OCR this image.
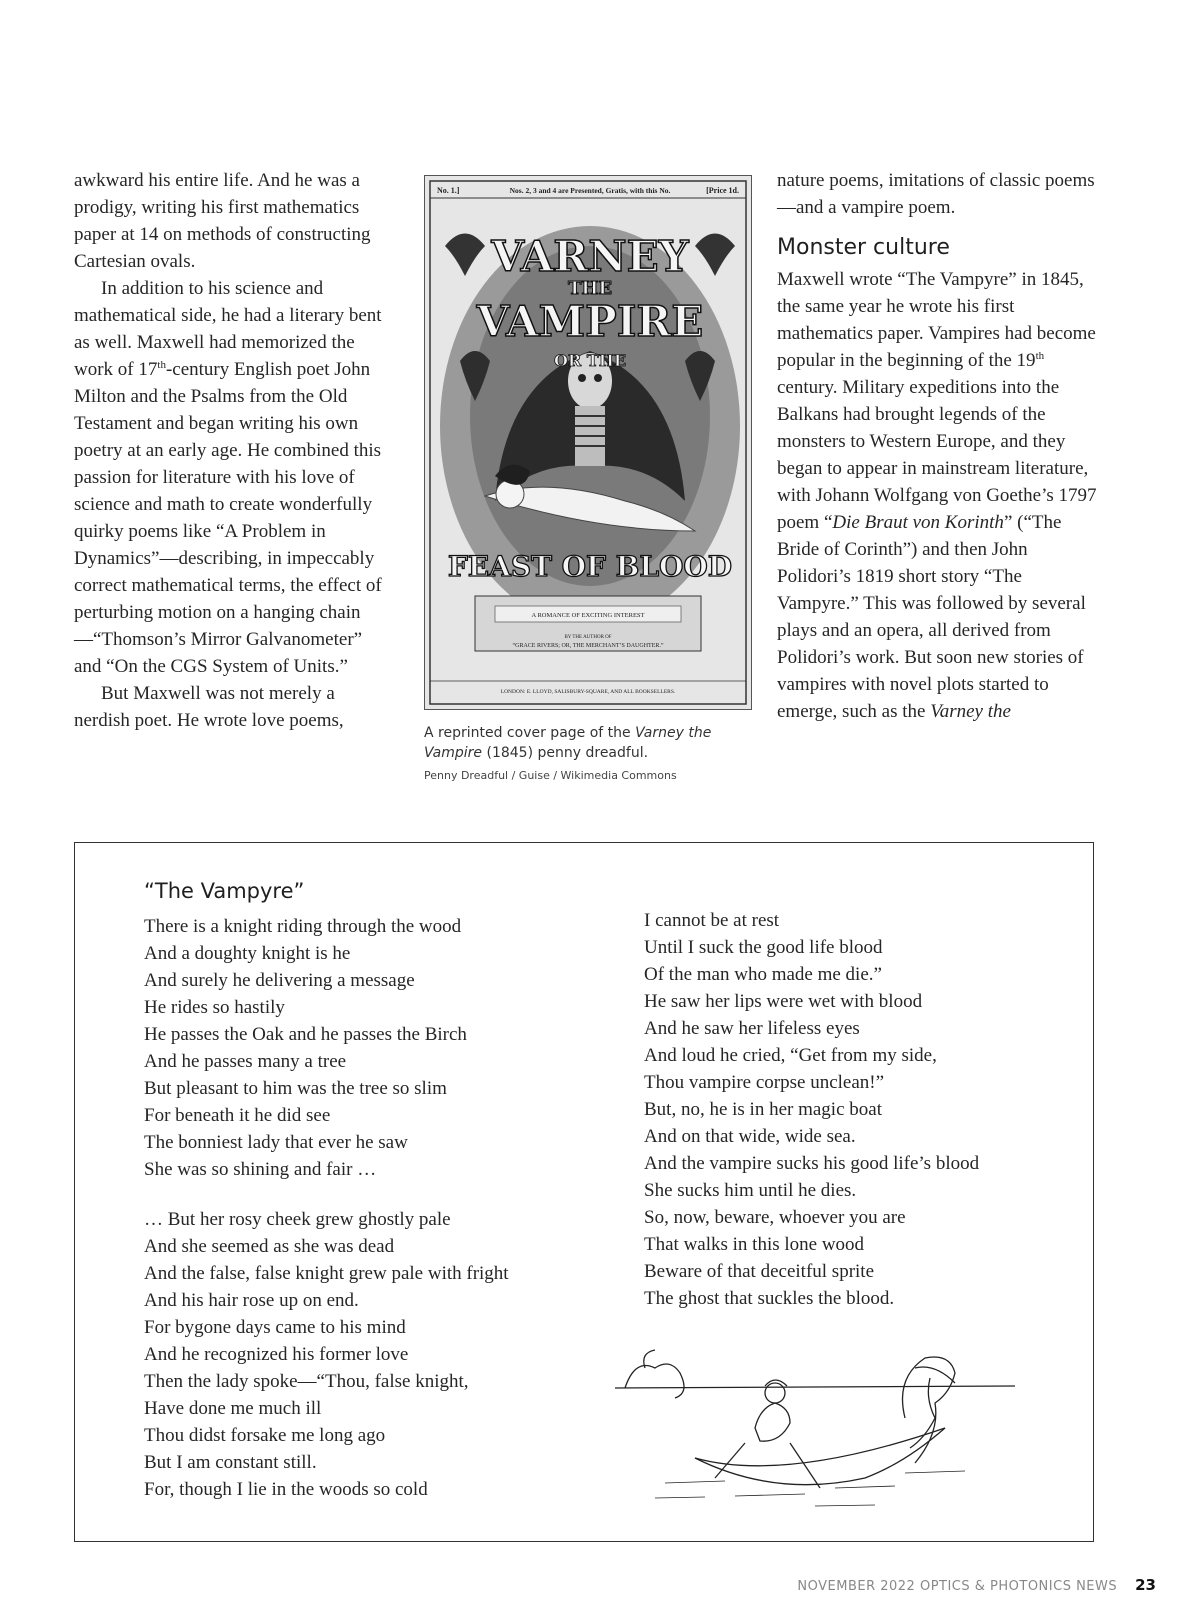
awkward his entire life. And he was a prodigy, writing his first mathematics paper at 14 on methods of constructing Cartesian ovals.

In addition to his science and mathematical side, he had a literary bent as well. Maxwell had memorized the work of 17th-century English poet John Milton and the Psalms from the Old Testament and began writing his own poetry at an early age. He combined this passion for literature with his love of science and math to create wonderfully quirky poems like “A Problem in Dynamics”—describing, in impeccably correct mathematical terms, the effect of perturbing motion on a hanging chain—“Thomson’s Mirror Galvanometer” and “On the CGS System of Units.”

But Maxwell was not merely a nerdish poet. He wrote love poems,

No. 1.]	Nos. 2, 3 and 4 are Presented, Gratis, with this No.	[Price 1d.
VARNEY
THE
VAMPIRE
OR THE
FEAST OF BLOOD
A ROMANCE OF EXCITING INTEREST
BY THE AUTHOR OF
“GRACE RIVERS; OR, THE MERCHANT’S DAUGHTER.”
LONDON: E. LLOYD, SALISBURY-SQUARE, AND ALL BOOKSELLERS.
A reprinted cover page of the Varney the Vampire (1845) penny dreadful.
Penny Dreadful / Guise / Wikimedia Commons

nature poems, imitations of classic poems—and a vampire poem.

Monster culture

Maxwell wrote “The Vampyre” in 1845, the same year he wrote his first mathematics paper. Vampires had become popular in the beginning of the 19th century. Military expeditions into the Balkans had brought legends of the monsters to Western Europe, and they began to appear in mainstream literature, with Johann Wolfgang von Goethe’s 1797 poem “Die Braut von Korinth” (“The Bride of Corinth”) and then John Polidori’s 1819 short story “The Vampyre.” This was followed by several plays and an opera, all derived from Polidori’s work. But soon new stories of vampires with novel plots started to emerge, such as the Varney the

“The Vampyre”
There is a knight riding through the wood
And a doughty knight is he
And surely he delivering a message
He rides so hastily
He passes the Oak and he passes the Birch
And he passes many a tree
But pleasant to him was the tree so slim
For beneath it he did see
The bonniest lady that ever he saw
She was so shining and fair …
… But her rosy cheek grew ghostly pale
And she seemed as she was dead
And the false, false knight grew pale with fright
And his hair rose up on end.
For bygone days came to his mind
And he recognized his former love
Then the lady spoke—“Thou, false knight,
Have done me much ill
Thou didst forsake me long ago
But I am constant still.
For, though I lie in the woods so cold
I cannot be at rest
Until I suck the good life blood
Of the man who made me die.”
He saw her lips were wet with blood
And he saw her lifeless eyes
And loud he cried, “Get from my side,
Thou vampire corpse unclean!”
But, no, he is in her magic boat
And on that wide, wide sea.
And the vampire sucks his good life’s blood
She sucks him until he dies.
So, now, beware, whoever you are
That walks in this lone wood
Beware of that deceitful sprite
The ghost that suckles the blood.
NOVEMBER 2022 OPTICS & PHOTONICS NEWS 23
